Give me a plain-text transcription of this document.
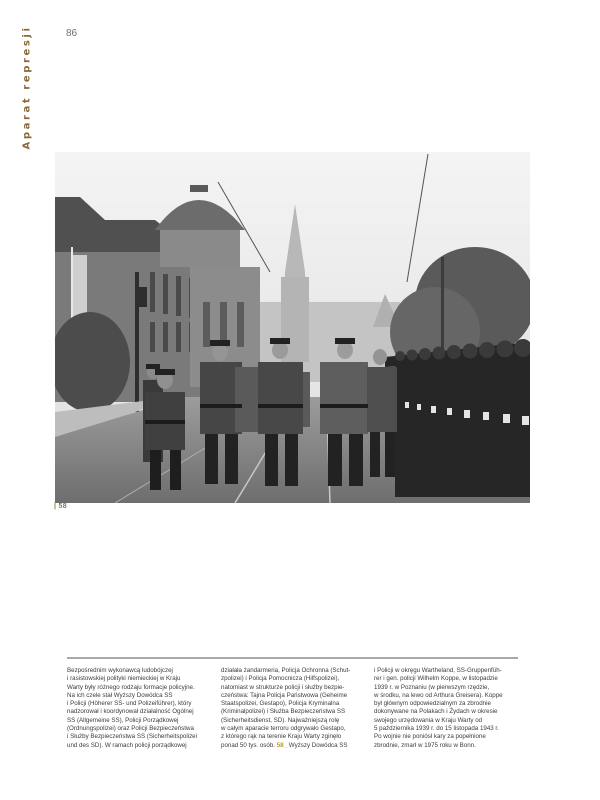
Aparat represji	86
| 58
Bezpośrednim wykonawcą ludobójczej
i rasistowskiej polityki niemieckiej w Kraju
Warty były różnego rodzaju formacje policyjne.
Na ich czele stał Wyższy Dowódca SS
i Policji (Höherer SS- und Polizeiführer), który
nadzorował i koordynował działalność Ogólnej
SS (Allgemeine SS), Policji Porządkowej
(Ordnungspolizei) oraz Policji Bezpieczeństwa
i Służby Bezpieczeństwa SS (Sicherheitspolizei
und des SD). W ramach policji porządkowej
działała żandarmeria, Policja Ochronna (Schut-
zpolizei) i Policja Pomocnicza (Hilfspolizei),
natomiast w strukturze policji i służby bezpie-
czeństwa: Tajna Policja Państwowa (Geheime
Staatspolizei, Gestapo), Policja Kryminalna
(Kriminalpolizei) i Służba Bezpieczeństwa SS
(Sicherheitsdienst, SD). Najważniejszą rolę
w całym aparacie terroru odgrywało Gestapo,
z którego rąk na terenie Kraju Warty zginęło
ponad 50 tys. osób. 58_ Wyższy Dowódca SS
i Policji w okręgu Wartheland, SS-Gruppenfüh-
rer i gen. policji Wilhelm Koppe, w listopadzie
1939 r. w Poznaniu (w pierwszym rzędzie,
w środku, na lewo od Arthura Greisera). Koppe
był głównym odpowiedzialnym za zbrodnie
dokonywane na Polakach i Żydach w okresie
swojego urzędowania w Kraju Warty od
5 października 1939 r. do 15 listopada 1943 r.
Po wojnie nie poniósł kary za popełnione
zbrodnie, zmarł w 1975 roku w Bonn.
